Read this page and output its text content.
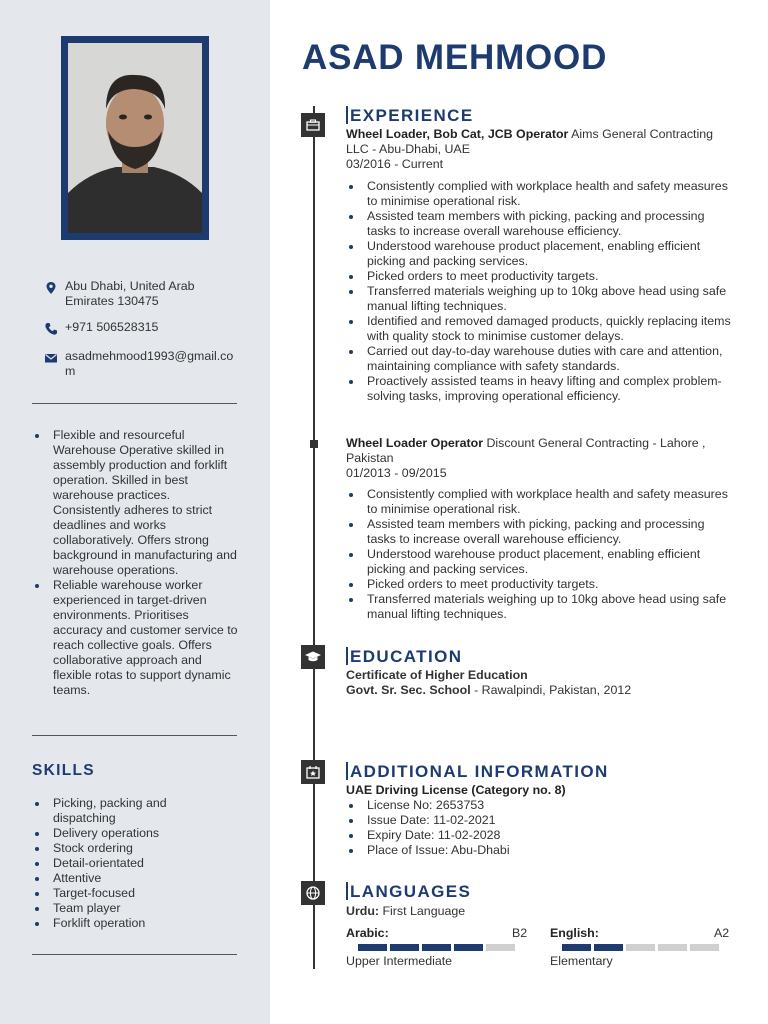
Abu Dhabi, United Arab Emirates 130475
+971 506528315
asadmehmood1993@gmail.com
Flexible and resourceful Warehouse Operative skilled in assembly production and forklift operation. Skilled in best warehouse practices. Consistently adheres to strict deadlines and works collaboratively. Offers strong background in manufacturing and warehouse operations.
Reliable warehouse worker experienced in target-driven environments. Prioritises accuracy and customer service to reach collective goals. Offers collaborative approach and flexible rotas to support dynamic teams.
SKILLS
Picking, packing and dispatching
Delivery operations
Stock ordering
Detail-orientated
Attentive
Target-focused
Team player
Forklift operation
ASAD MEHMOOD
EXPERIENCE
Wheel Loader, Bob Cat, JCB Operator Aims General Contracting LLC - Abu-Dhabi, UAE
03/2016 - Current
Consistently complied with workplace health and safety measures to minimise operational risk.
Assisted team members with picking, packing and processing tasks to increase overall warehouse efficiency.
Understood warehouse product placement, enabling efficient picking and packing services.
Picked orders to meet productivity targets.
Transferred materials weighing up to 10kg above head using safe manual lifting techniques.
Identified and removed damaged products, quickly replacing items with quality stock to minimise customer delays.
Carried out day-to-day warehouse duties with care and attention, maintaining compliance with safety standards.
Proactively assisted teams in heavy lifting and complex problem-solving tasks, improving operational efficiency.
Wheel Loader Operator Discount General Contracting - Lahore , Pakistan
01/2013 - 09/2015
Consistently complied with workplace health and safety measures to minimise operational risk.
Assisted team members with picking, packing and processing tasks to increase overall warehouse efficiency.
Understood warehouse product placement, enabling efficient picking and packing services.
Picked orders to meet productivity targets.
Transferred materials weighing up to 10kg above head using safe manual lifting techniques.
EDUCATION
Certificate of Higher Education
Govt. Sr. Sec. School - Rawalpindi, Pakistan, 2012
ADDITIONAL INFORMATION
UAE Driving License (Category no. 8)
License No: 2653753
Issue Date: 11-02-2021
Expiry Date: 11-02-2028
Place of Issue: Abu-Dhabi
LANGUAGES
Urdu: First Language
Arabic:	B2
Upper Intermediate
English:	A2
Elementary
